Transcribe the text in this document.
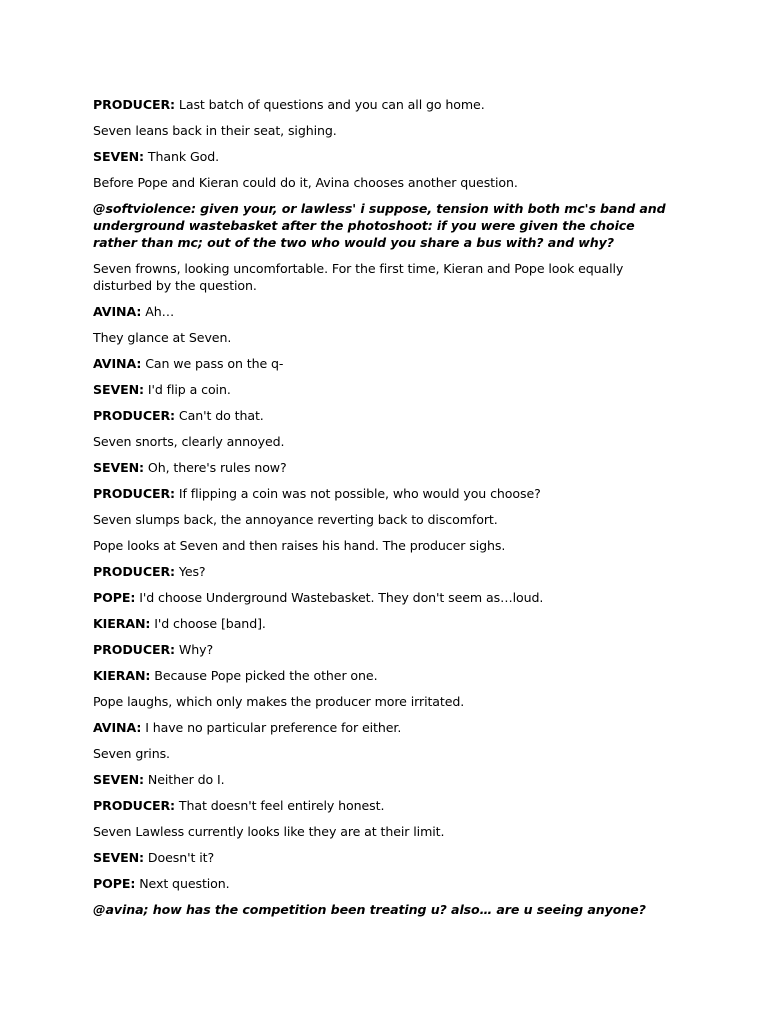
PRODUCER: Last batch of questions and you can all go home.

Seven leans back in their seat, sighing.

SEVEN: Thank God.

Before Pope and Kieran could do it, Avina chooses another question.

@softviolence: given your, or lawless' i suppose, tension with both mc's band and underground wastebasket after the photoshoot: if you were given the choice rather than mc; out of the two who would you share a bus with? and why?

Seven frowns, looking uncomfortable. For the first time, Kieran and Pope look equally disturbed by the question.

AVINA: Ah…

They glance at Seven.

AVINA: Can we pass on the q-

SEVEN: I'd flip a coin.

PRODUCER: Can't do that.

Seven snorts, clearly annoyed.

SEVEN: Oh, there's rules now?

PRODUCER: If flipping a coin was not possible, who would you choose?

Seven slumps back, the annoyance reverting back to discomfort.

Pope looks at Seven and then raises his hand. The producer sighs.

PRODUCER: Yes?

POPE: I'd choose Underground Wastebasket. They don't seem as…loud.

KIERAN: I'd choose [band].

PRODUCER: Why?

KIERAN: Because Pope picked the other one.

Pope laughs, which only makes the producer more irritated.

AVINA: I have no particular preference for either.

Seven grins.

SEVEN: Neither do I.

PRODUCER: That doesn't feel entirely honest.

Seven Lawless currently looks like they are at their limit.

SEVEN: Doesn't it?

POPE: Next question.

@avina; how has the competition been treating u? also… are u seeing anyone?
